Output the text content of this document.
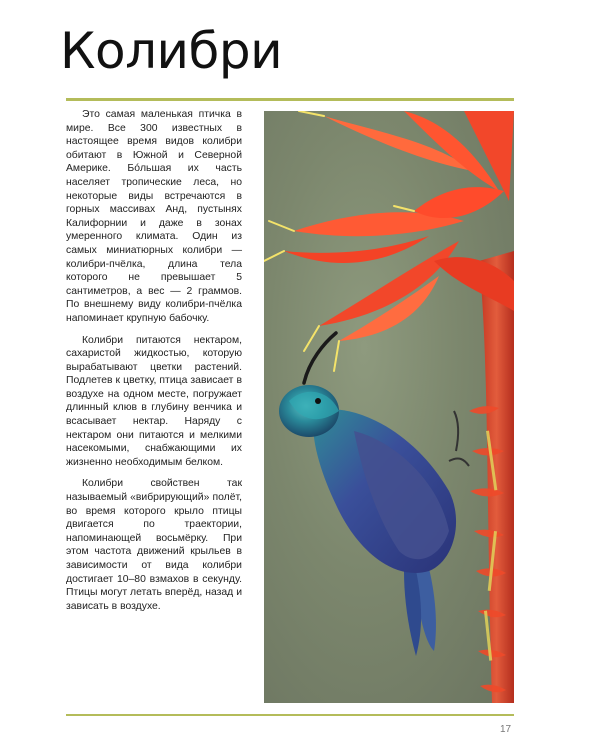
Колибри

Это самая маленькая птичка в мире. Все 300 известных в настоящее время видов колибри обитают в Южной и Северной Америке. Бóльшая их часть населяет тропические леса, но некоторые виды встречаются в горных массивах Анд, пустынях Калифорнии и даже в зонах умеренного климата. Один из самых миниатюрных колибри — колибри-пчёлка, длина тела которого не превышает 5 сантиметров, а вес — 2 граммов. По внешнему виду колибри-пчёлка напоминает крупную бабочку.

Колибри питаются нектаром, сахаристой жидкостью, которую вырабатывают цветки растений. Подлетев к цветку, птица зависает в воздухе на одном месте, погружает длинный клюв в глубину венчика и всасывает нектар. Наряду с нектаром они питаются и мелкими насекомыми, снабжающими их жизненно необходимым белком.

Колибри свойствен так называемый «вибрирующий» полёт, во время которого крыло птицы двигается по траектории, напоминающей восьмёрку. При этом частота движений крыльев в зависимости от вида колибри достигает 10–80 взмахов в секунду. Птицы могут летать вперёд, назад и зависать в воздухе.

17
